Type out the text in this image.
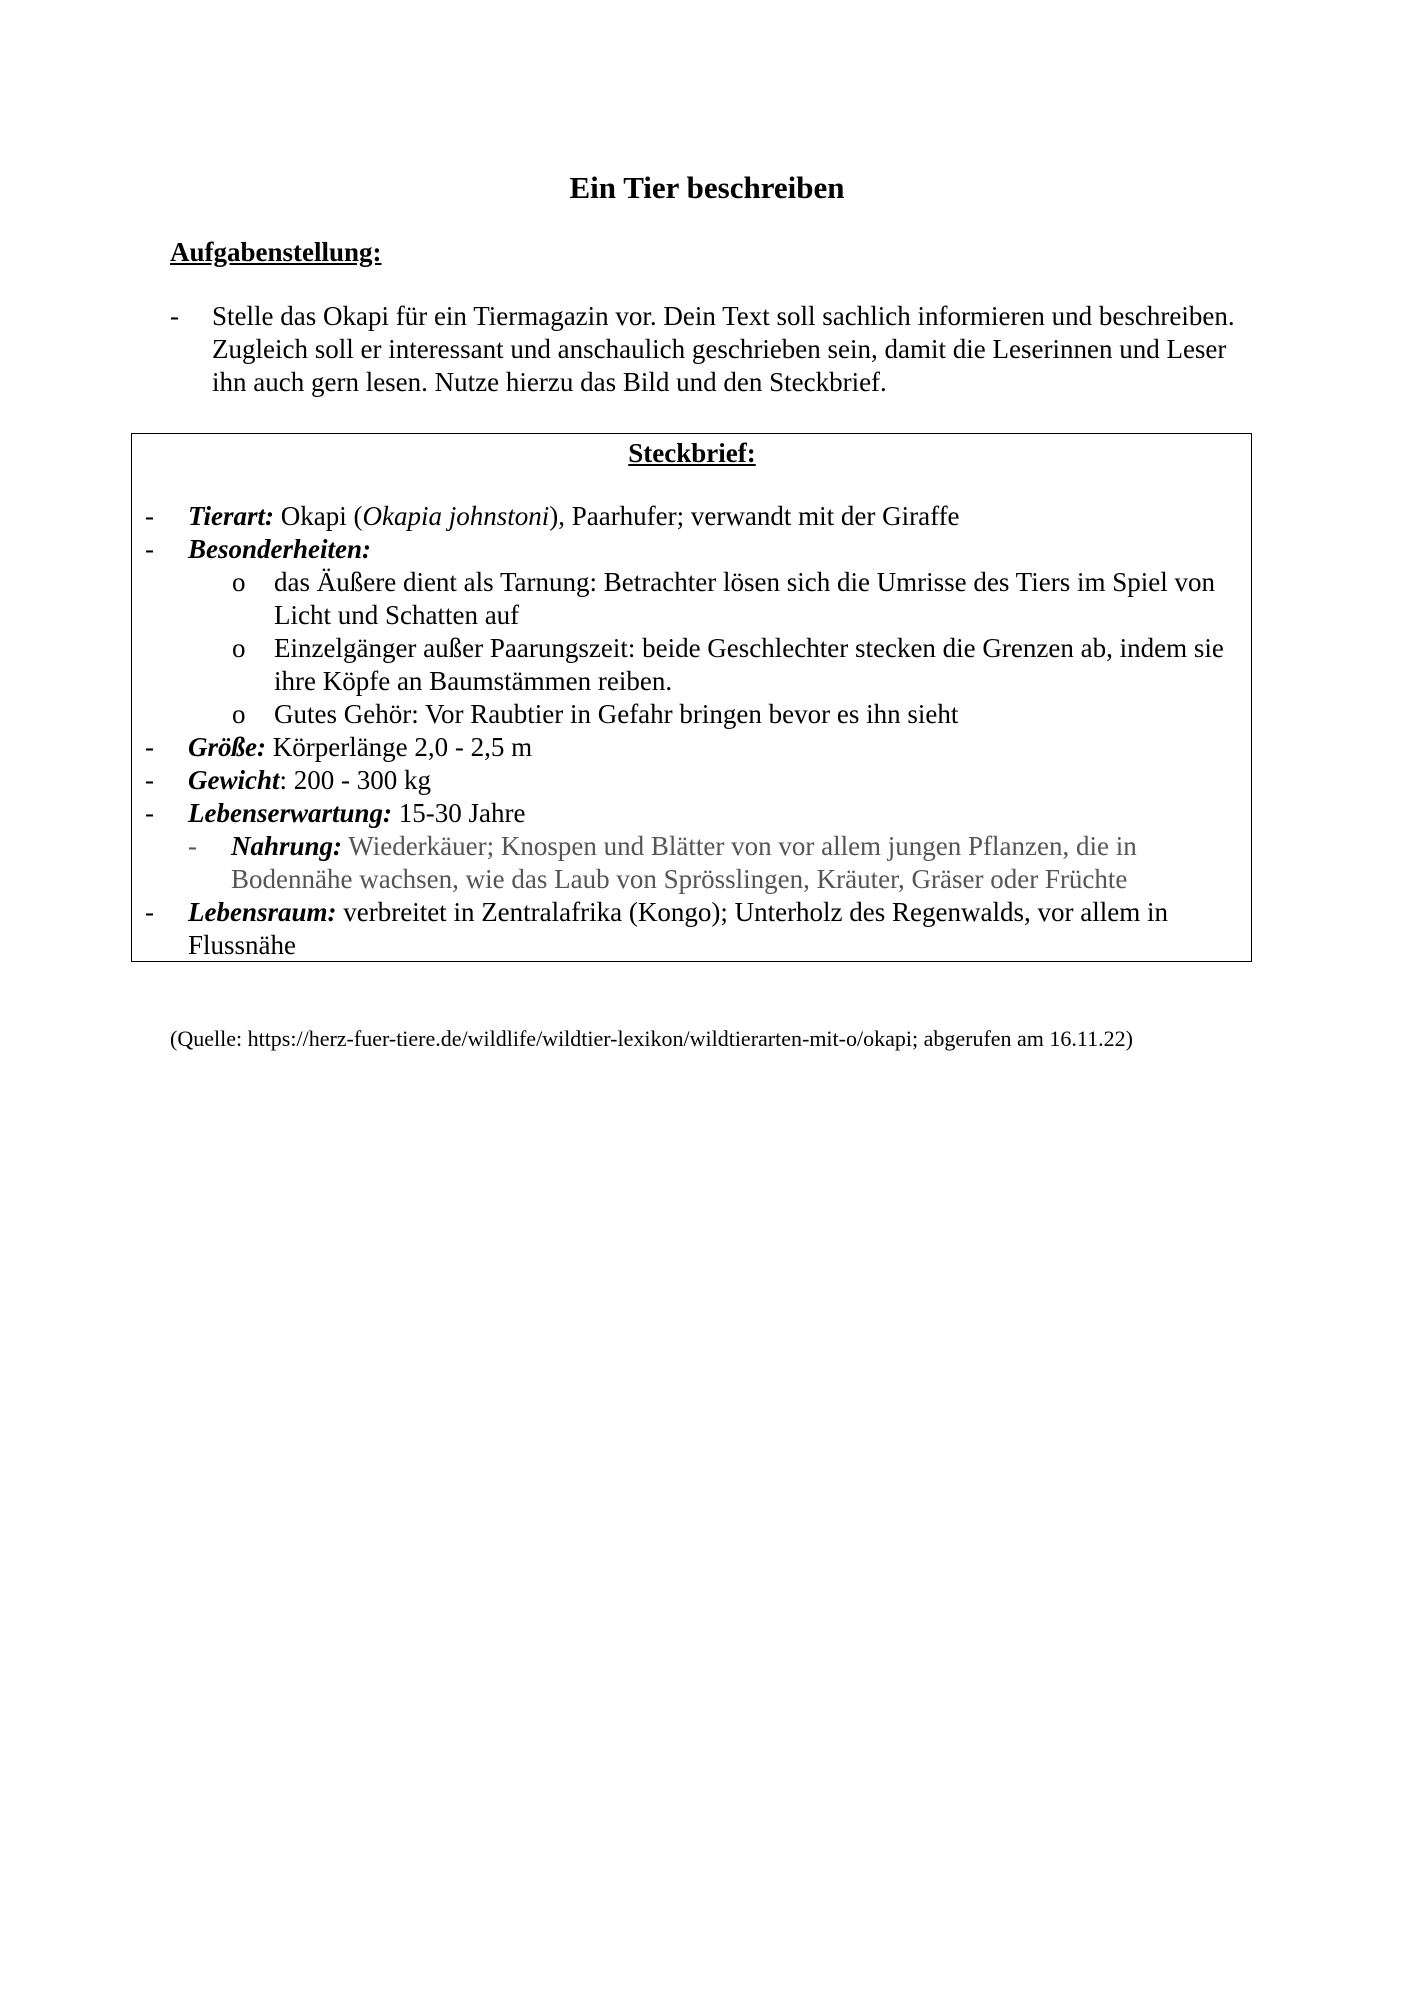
Ein Tier beschreiben
Aufgabenstellung:
- Stelle das Okapi für ein Tiermagazin vor. Dein Text soll sachlich informieren und beschreiben. Zugleich soll er interessant und anschaulich geschrieben sein, damit die Leserinnen und Leser ihn auch gern lesen. Nutze hierzu das Bild und den Steckbrief.
Steckbrief:
- Tierart: Okapi (Okapia johnstoni), Paarhufer; verwandt mit der Giraffe
- Besonderheiten:
o das Äußere dient als Tarnung: Betrachter lösen sich die Umrisse des Tiers im Spiel von Licht und Schatten auf
o Einzelgänger außer Paarungszeit: beide Geschlechter stecken die Grenzen ab, indem sie ihre Köpfe an Baumstämmen reiben.
o Gutes Gehör: Vor Raubtier in Gefahr bringen bevor es ihn sieht
- Größe: Körperlänge 2,0 - 2,5 m
- Gewicht: 200 - 300 kg
- Lebenserwartung: 15-30 Jahre
- Nahrung: Wiederkäuer; Knospen und Blätter von vor allem jungen Pflanzen, die in Bodennähe wachsen, wie das Laub von Sprösslingen, Kräuter, Gräser oder Früchte
- Lebensraum: verbreitet in Zentralafrika (Kongo); Unterholz des Regenwalds, vor allem in Flussnähe
(Quelle: https://herz-fuer-tiere.de/wildlife/wildtier-lexikon/wildtierarten-mit-o/okapi; abgerufen am 16.11.22)
